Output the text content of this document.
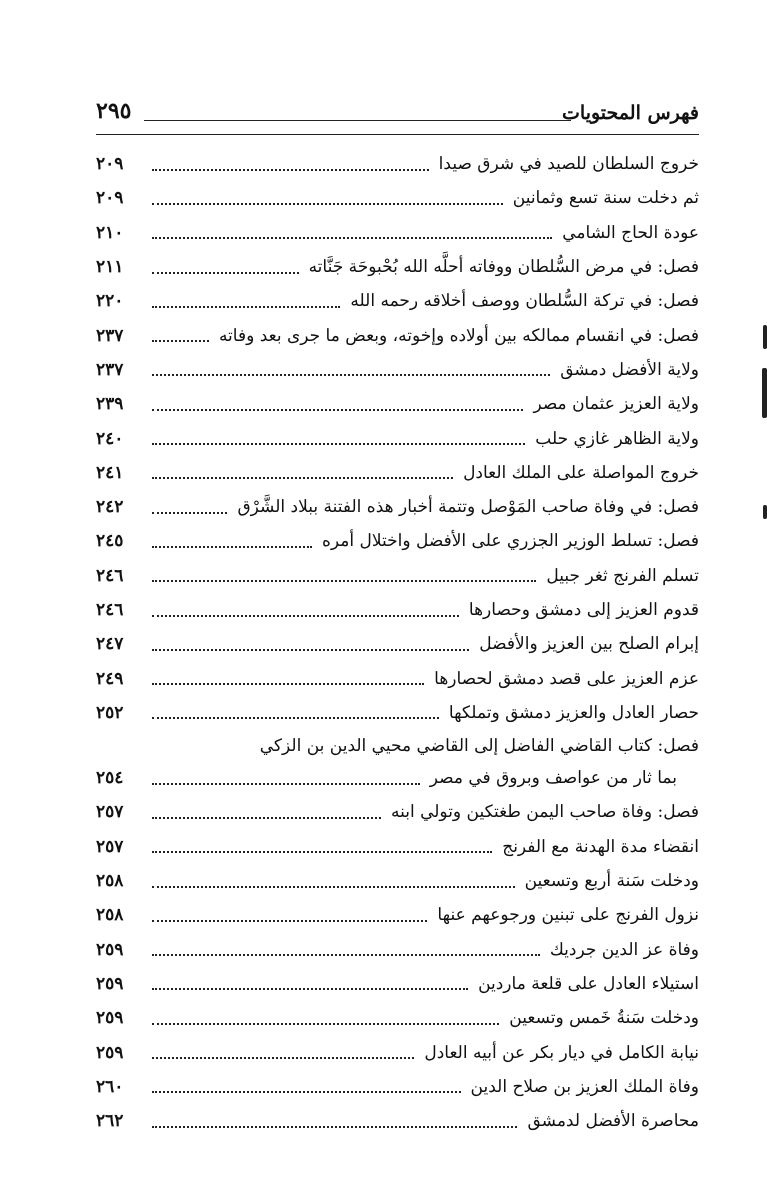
فهرس المحتويات
٢٩٥
خروج السلطان للصيد في شرق صيدا
٢٠٩
ثم دخلت سنة تسع وثمانين
٢٠٩
عودة الحاج الشامي
٢١٠
فصل: في مرض السُّلطان ووفاته أحلَّه الله بُحْبوحَة جَنَّاته
٢١١
فصل: في تركة السُّلطان ووصف أخلاقه رحمه الله
٢٢٠
فصل: في انقسام ممالكه بين أولاده وإخوته، وبعض ما جرى بعد وفاته
٢٣٧
ولاية الأفضل دمشق
٢٣٧
ولاية العزيز عثمان مصر
٢٣٩
ولاية الظاهر غازي حلب
٢٤٠
خروج المواصلة على الملك العادل
٢٤١
فصل: في وفاة صاحب المَوْصل وتتمة أخبار هذه الفتنة ببلاد الشَّرْق
٢٤٢
فصل: تسلط الوزير الجزري على الأفضل واختلال أمره
٢٤٥
تسلم الفرنج ثغر جبيل
٢٤٦
قدوم العزيز إلى دمشق وحصارها
٢٤٦
إبرام الصلح بين العزيز والأفضل
٢٤٧
عزم العزيز على قصد دمشق لحصارها
٢٤٩
حصار العادل والعزيز دمشق وتملكها
٢٥٢
فصل: كتاب القاضي الفاضل إلى القاضي محيي الدين بن الزكي
بما ثار من عواصف وبروق في مصر
٢٥٤
فصل: وفاة صاحب اليمن طغتكين وتولي ابنه
٢٥٧
انقضاء مدة الهدنة مع الفرنج
٢٥٧
ودخلت سَنة أربع وتسعين
٢٥٨
نزول الفرنج على تبنين ورجوعهم عنها
٢٥٨
وفاة عز الدين جرديك
٢٥٩
استيلاء العادل على قلعة ماردين
٢٥٩
ودخلت سَنةُ خَمس وتسعين
٢٥٩
نيابة الكامل في ديار بكر عن أبيه العادل
٢٥٩
وفاة الملك العزيز بن صلاح الدين
٢٦٠
محاصرة الأفضل لدمشق
٢٦٢
